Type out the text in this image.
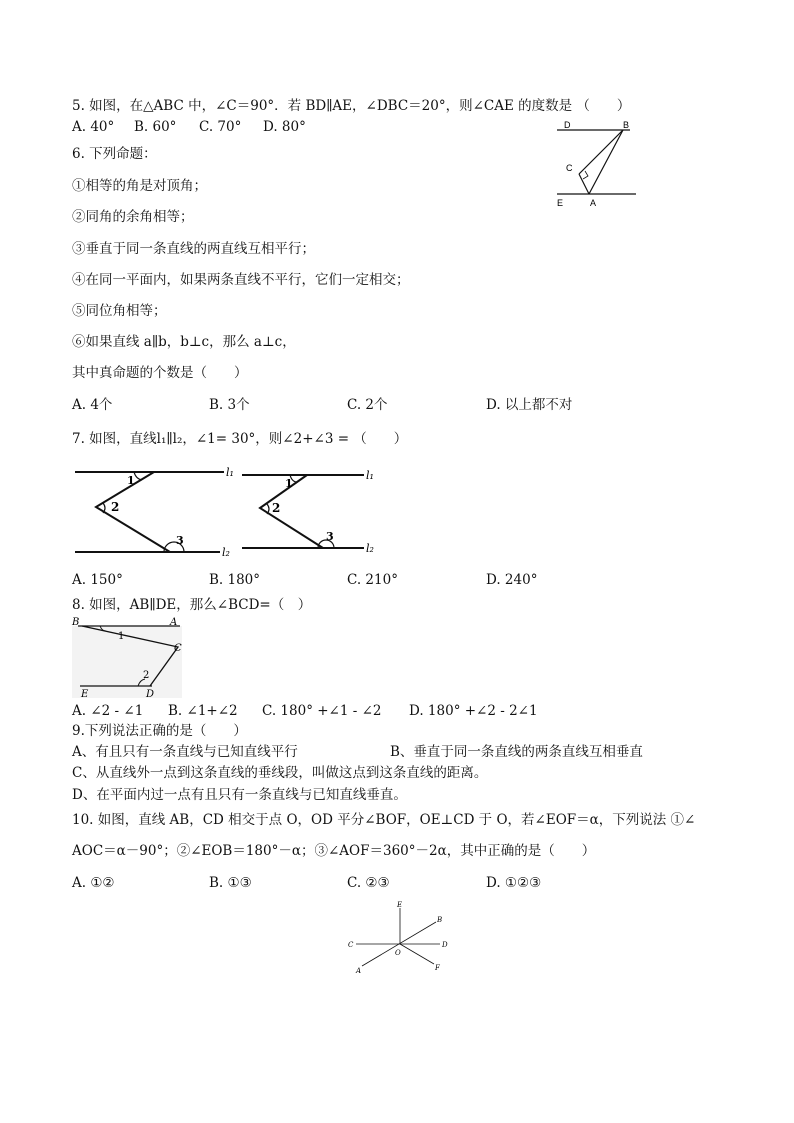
5. 如图，在△ABC 中，∠C＝90°．若 BD∥AE，∠DBC＝20°，则∠CAE 的度数是 （　　）
A. 40° B. 60° C. 70° D. 80°	D	B
C
E	A
6. 下列命题：
①相等的角是对顶角；
②同角的余角相等；
③垂直于同一条直线的两直线互相平行；
④在同一平面内，如果两条直线不平行，它们一定相交；
⑤同位角相等；
⑥如果直线 a∥b，b⊥c，那么 a⊥c，
其中真命题的个数是（　　）
A. 4个	B. 3个	C. 2个	D. 以上都不对
7. 如图，直线l₁∥l₂，∠1= 30°，则∠2+∠3 = （　　）
1
2
3
l₁
l₂
1
2
3
l₁
l₂
A. 150°	B. 180°	C. 210°	D. 240°
8. 如图，AB∥DE，那么∠BCD=（　）
B	A
1
C
2
E	D
A. ∠2 - ∠1 B. ∠1+∠2 C. 180° +∠1 - ∠2 D. 180° +∠2 - 2∠1
9.下列说法正确的是（　　）
A、有且只有一条直线与已知直线平行	B、垂直于同一条直线的两条直线互相垂直
C、从直线外一点到这条直线的垂线段，叫做这点到这条直线的距离。
D、在平面内过一点有且只有一条直线与已知直线垂直。
10. 如图，直线 AB，CD 相交于点 O，OD 平分∠BOF，OE⊥CD 于 O，若∠EOF＝α，下列说法 ①∠
AOC＝α－90°；②∠EOB＝180°－α；③∠AOF＝360°－2α，其中正确的是（　　）
A. ①②	B. ①③	C. ②③	D. ①②③
E
B
C
O
D
A	F
